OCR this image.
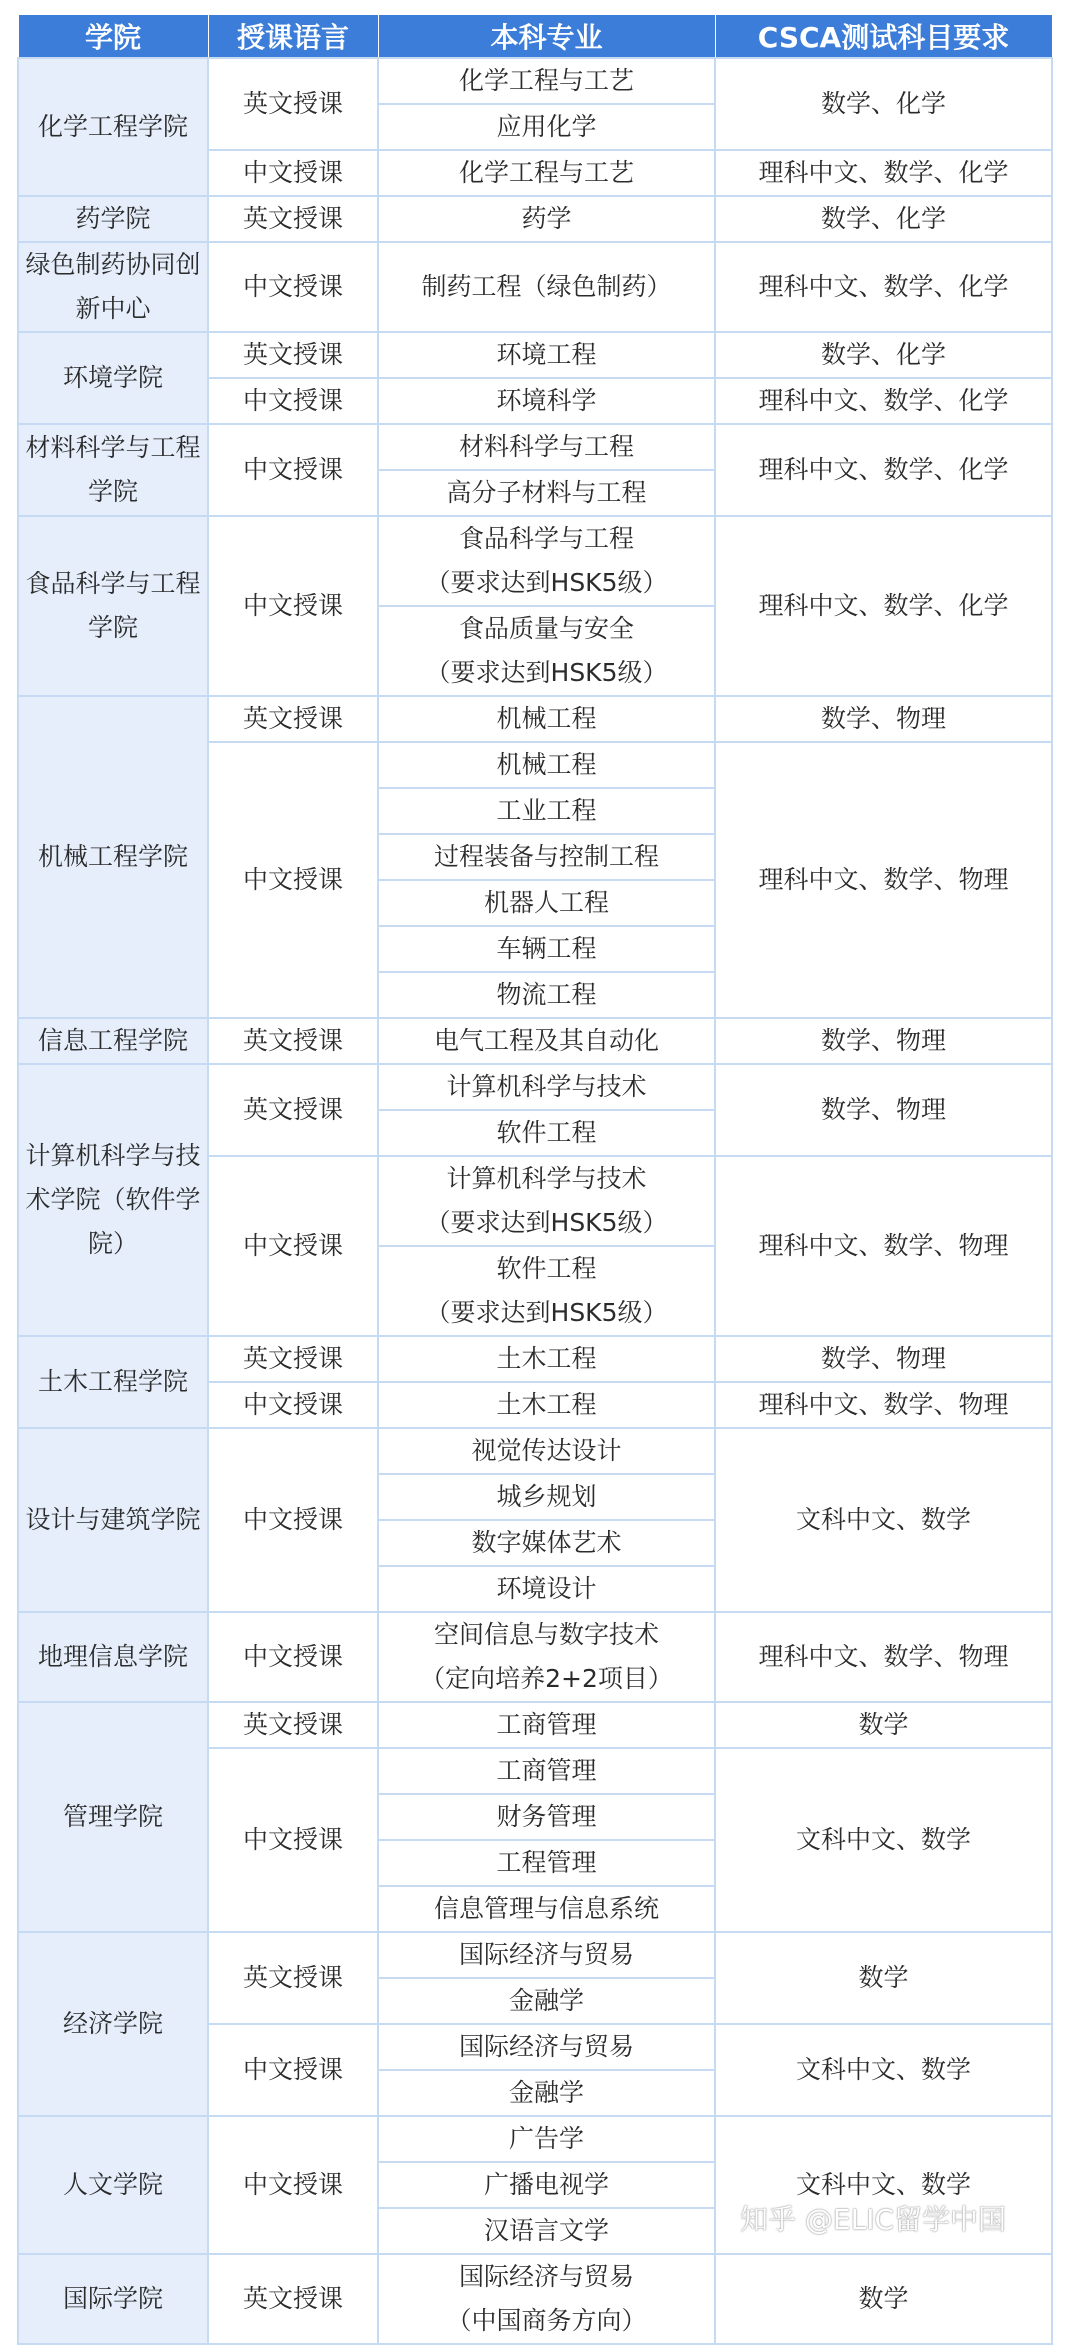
学院	授课语言	本科专业	CSCA测试科目要求
化学工程学院	英文授课	化学工程与工艺	数学、化学
		应用化学	
	中文授课	化学工程与工艺	理科中文、数学、化学
药学院	英文授课	药学	数学、化学
绿色制药协同创新中心	中文授课	制药工程（绿色制药）	理科中文、数学、化学
环境学院	英文授课	环境工程	数学、化学
	中文授课	环境科学	理科中文、数学、化学
材料科学与工程学院	中文授课	材料科学与工程	理科中文、数学、化学
		高分子材料与工程	
食品科学与工程学院	中文授课	食品科学与工程	理科中文、数学、化学
		（要求达到HSK5级）	
		食品质量与安全	
		（要求达到HSK5级）	
机械工程学院	英文授课	机械工程	数学、物理
	中文授课	机械工程	理科中文、数学、物理
		工业工程	
		过程装备与控制工程	
		机器人工程	
		车辆工程	
		物流工程	
信息工程学院	英文授课	电气工程及其自动化	数学、物理
计算机科学与技术学院（软件学院）	英文授课	计算机科学与技术	数学、物理
		软件工程	
	中文授课	计算机科学与技术	理科中文、数学、物理
		（要求达到HSK5级）	
		软件工程	
		（要求达到HSK5级）	
土木工程学院	英文授课	土木工程	数学、物理
	中文授课	土木工程	理科中文、数学、物理
设计与建筑学院	中文授课	视觉传达设计	文科中文、数学
		城乡规划	
		数字媒体艺术	
		环境设计	
地理信息学院	中文授课	空间信息与数字技术	理科中文、数学、物理
		（定向培养2+2项目）	
管理学院	英文授课	工商管理	数学
	中文授课	工商管理	文科中文、数学
		财务管理	
		工程管理	
		信息管理与信息系统	
经济学院	英文授课	国际经济与贸易	数学
		金融学	
	中文授课	国际经济与贸易	文科中文、数学
		金融学	
人文学院	中文授课	广告学	文科中文、数学
		广播电视学	
		汉语言文学	
国际学院	英文授课	国际经济与贸易	数学
		（中国商务方向）	
知乎 @ELIC留学中国
